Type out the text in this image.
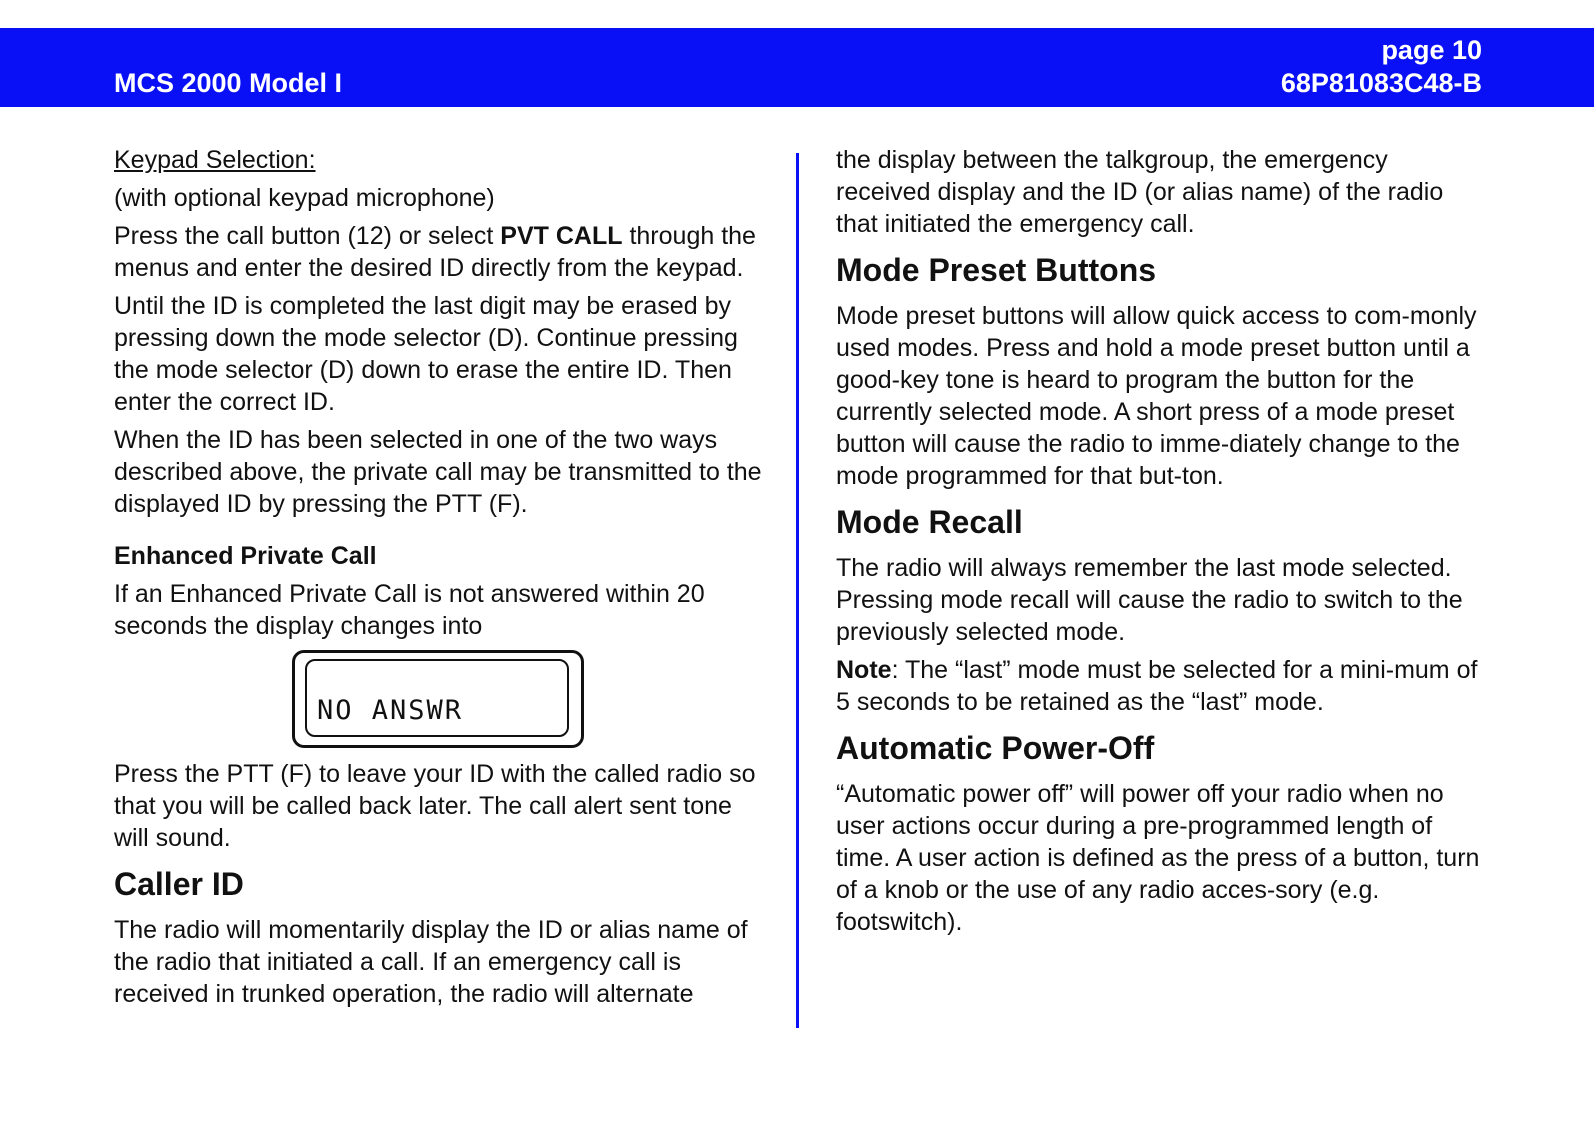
MCS 2000 Model I
page 10
68P81083C48-B

Keypad Selection:

(with optional keypad microphone)

Press the call button (12) or select PVT CALL through the menus and enter the desired ID directly from the keypad.

Until the ID is completed the last digit may be erased by pressing down the mode selector (D). Continue pressing the mode selector (D) down to erase the entire ID. Then enter the correct ID.

When the ID has been selected in one of the two ways described above, the private call may be transmitted to the displayed ID by pressing the PTT (F).

Enhanced Private Call

If an Enhanced Private Call is not answered within 20 seconds the display changes into

NO ANSWR

Press the PTT (F) to leave your ID with the called radio so that you will be called back later. The call alert sent tone will sound.

Caller ID

The radio will momentarily display the ID or alias name of the radio that initiated a call. If an emergency call is received in trunked operation, the radio will alternate

the display between the talkgroup, the emergency received display and the ID (or alias name) of the radio that initiated the emergency call.

Mode Preset Buttons

Mode preset buttons will allow quick access to com-monly used modes. Press and hold a mode preset button until a good-key tone is heard to program the button for the currently selected mode. A short press of a mode preset button will cause the radio to imme-diately change to the mode programmed for that but-ton.

Mode Recall

The radio will always remember the last mode selected. Pressing mode recall will cause the radio to switch to the previously selected mode.

Note: The “last” mode must be selected for a mini-mum of 5 seconds to be retained as the “last” mode.

Automatic Power-Off

“Automatic power off” will power off your radio when no user actions occur during a pre-programmed length of time. A user action is defined as the press of a button, turn of a knob or the use of any radio acces-sory (e.g. footswitch).
